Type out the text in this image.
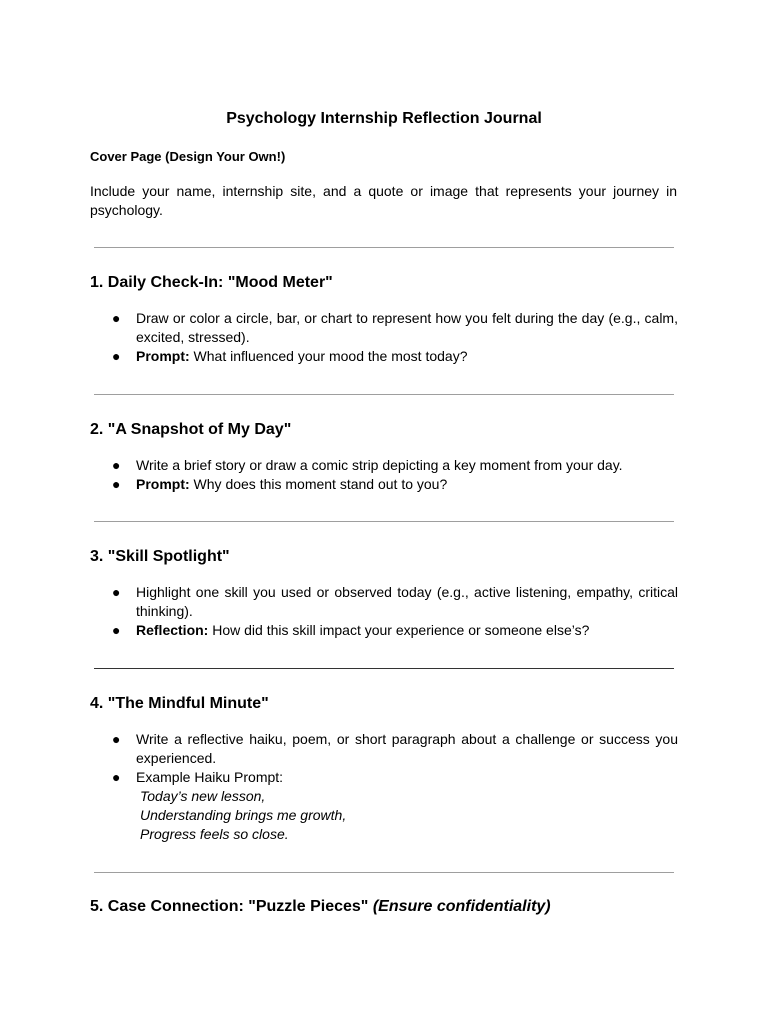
Psychology Internship Reflection Journal
Cover Page (Design Your Own!)
Include your name, internship site, and a quote or image that represents your journey in psychology.
1. Daily Check-In: "Mood Meter"
● Draw or color a circle, bar, or chart to represent how you felt during the day (e.g., calm, excited, stressed).
● Prompt: What influenced your mood the most today?
2. "A Snapshot of My Day"
● Write a brief story or draw a comic strip depicting a key moment from your day.
● Prompt: Why does this moment stand out to you?
3. "Skill Spotlight"
● Highlight one skill you used or observed today (e.g., active listening, empathy, critical thinking).
● Reflection: How did this skill impact your experience or someone else’s?
4. "The Mindful Minute"
● Write a reflective haiku, poem, or short paragraph about a challenge or success you experienced.
● Example Haiku Prompt:
Today’s new lesson,
Understanding brings me growth,
Progress feels so close.
5. Case Connection: "Puzzle Pieces" (Ensure confidentiality)
